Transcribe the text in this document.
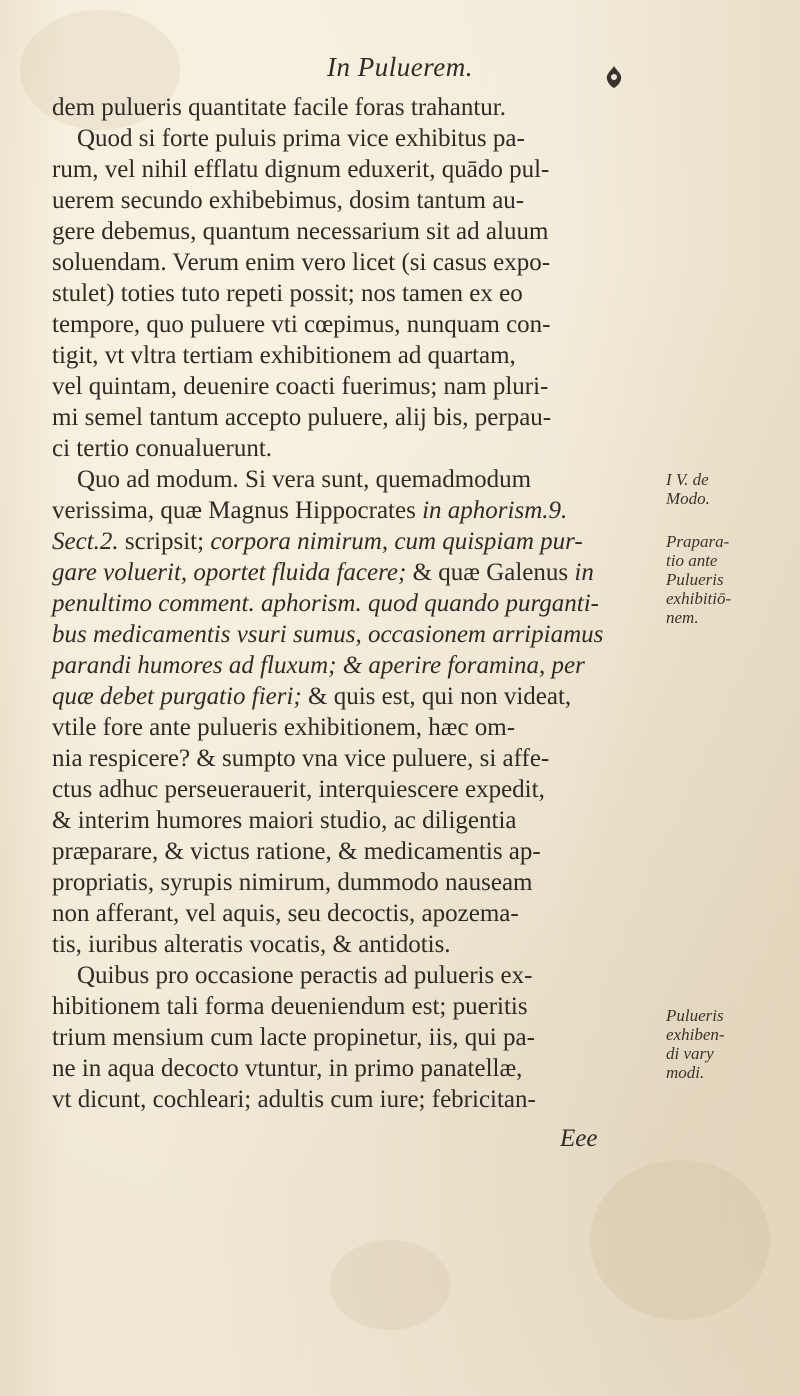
In Puluerem.
dem pulueris quantitate facile foras trahantur.
Quod si forte puluis prima vice exhibitus pa-
rum, vel nihil efflatu dignum eduxerit, quādo pul-
uerem secundo exhibebimus, dosim tantum au-
gere debemus, quantum necessarium sit ad aluum
soluendam. Verum enim vero licet (si casus expo-
stulet) toties tuto repeti possit; nos tamen ex eo
tempore, quo puluere vti cœpimus, nunquam con-
tigit, vt vltra tertiam exhibitionem ad quartam,
vel quintam, deuenire coacti fuerimus; nam pluri-
mi semel tantum accepto puluere, alij bis, perpau-
ci tertio conualuerunt.
Quo ad modum. Si vera sunt, quemadmodum
verissima, quæ Magnus Hippocrates in aphorism.9.
Sect.2. scripsit; corpora nimirum, cum quispiam pur-
gare voluerit, oportet fluida facere; & quæ Galenus in
penultimo comment. aphorism. quod quando purganti-
bus medicamentis vsuri sumus, occasionem arripiamus
parandi humores ad fluxum; & aperire foramina, per
quæ debet purgatio fieri; & quis est, qui non videat,
vtile fore ante pulueris exhibitionem, hæc om-
nia respicere? & sumpto vna vice puluere, si affe-
ctus adhuc perseuerauerit, interquiescere expedit,
& interim humores maiori studio, ac diligentia
præparare, & victus ratione, & medicamentis ap-
propriatis, syrupis nimirum, dummodo nauseam
non afferant, vel aquis, seu decoctis, apozema-
tis, iuribus alteratis vocatis, & antidotis.
Quibus pro occasione peractis ad pulueris ex-
hibitionem tali forma deueniendum est; pueritis
trium mensium cum lacte propinetur, iis, qui pa-
ne in aqua decocto vtuntur, in primo panatellæ,
vt dicunt, cochleari; adultis cum iure; febricitan-
I V. de
Modo.
Prapara-
tio ante
Pulueris
exhibitiō-
nem.
Pulueris
exhiben-
di vary
modi.
Eee
